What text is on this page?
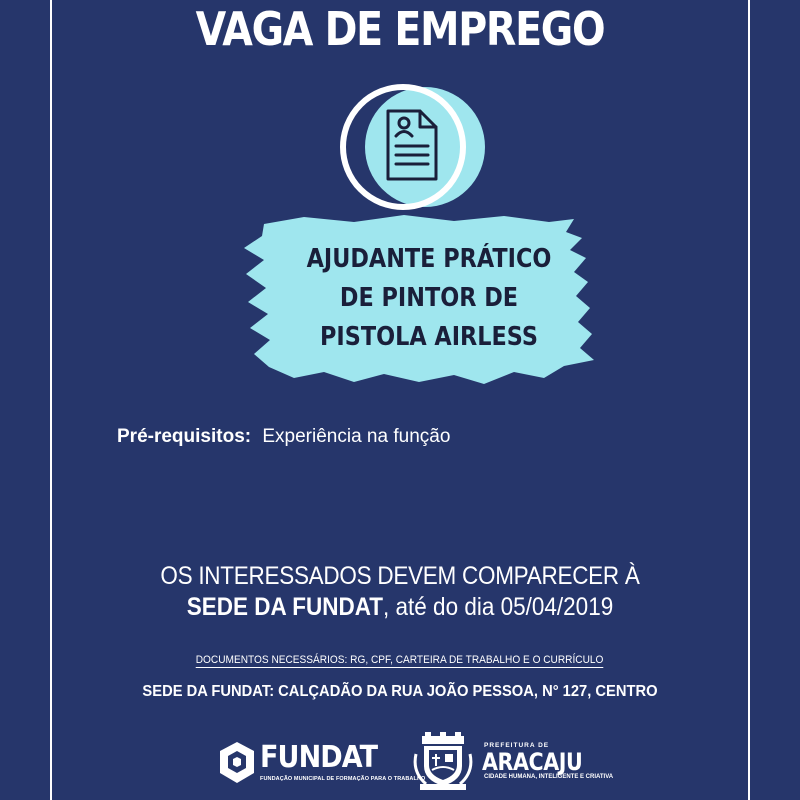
VAGA DE EMPREGO
AJUDANTE PRÁTICO
DE PINTOR DE
PISTOLA AIRLESS
Pré-requisitos: Experiência na função
OS INTERESSADOS DEVEM COMPARECER À
SEDE DA FUNDAT, até do dia 05/04/2019
DOCUMENTOS NECESSÁRIOS: RG, CPF, CARTEIRA DE TRABALHO E O CURRÍCULO
SEDE DA FUNDAT: CALÇADÃO DA RUA JOÃO PESSOA, N° 127, CENTRO
FUNDAT
FUNDAÇÃO MUNICIPAL DE FORMAÇÃO PARA O TRABALHO
PREFEITURA DE
ARACAJU
CIDADE HUMANA, INTELIGENTE E CRIATIVA
